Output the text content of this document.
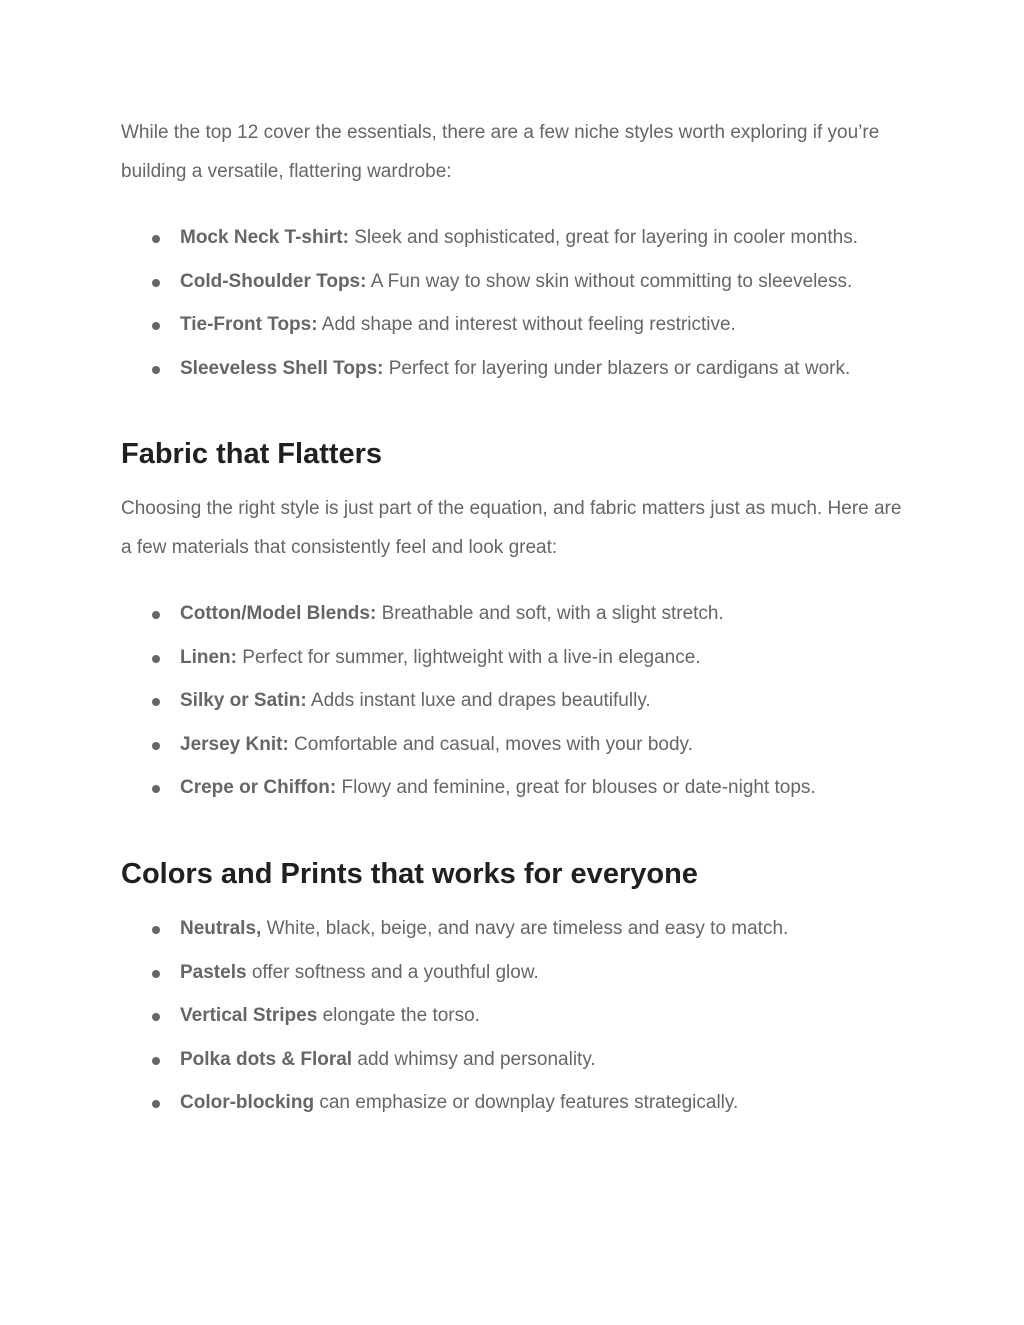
While the top 12 cover the essentials, there are a few niche styles worth exploring if you’re building a versatile, flattering wardrobe:

Mock Neck T-shirt: Sleek and sophisticated, great for layering in cooler months.
Cold-Shoulder Tops: A Fun way to show skin without committing to sleeveless.
Tie-Front Tops: Add shape and interest without feeling restrictive.
Sleeveless Shell Tops: Perfect for layering under blazers or cardigans at work.
Fabric that Flatters

Choosing the right style is just part of the equation, and fabric matters just as much. Here are a few materials that consistently feel and look great:

Cotton/Model Blends: Breathable and soft, with a slight stretch.
Linen: Perfect for summer, lightweight with a live-in elegance.
Silky or Satin: Adds instant luxe and drapes beautifully.
Jersey Knit: Comfortable and casual, moves with your body.
Crepe or Chiffon: Flowy and feminine, great for blouses or date-night tops.
Colors and Prints that works for everyone
Neutrals, White, black, beige, and navy are timeless and easy to match.
Pastels offer softness and a youthful glow.
Vertical Stripes elongate the torso.
Polka dots & Floral add whimsy and personality.
Color-blocking can emphasize or downplay features strategically.
